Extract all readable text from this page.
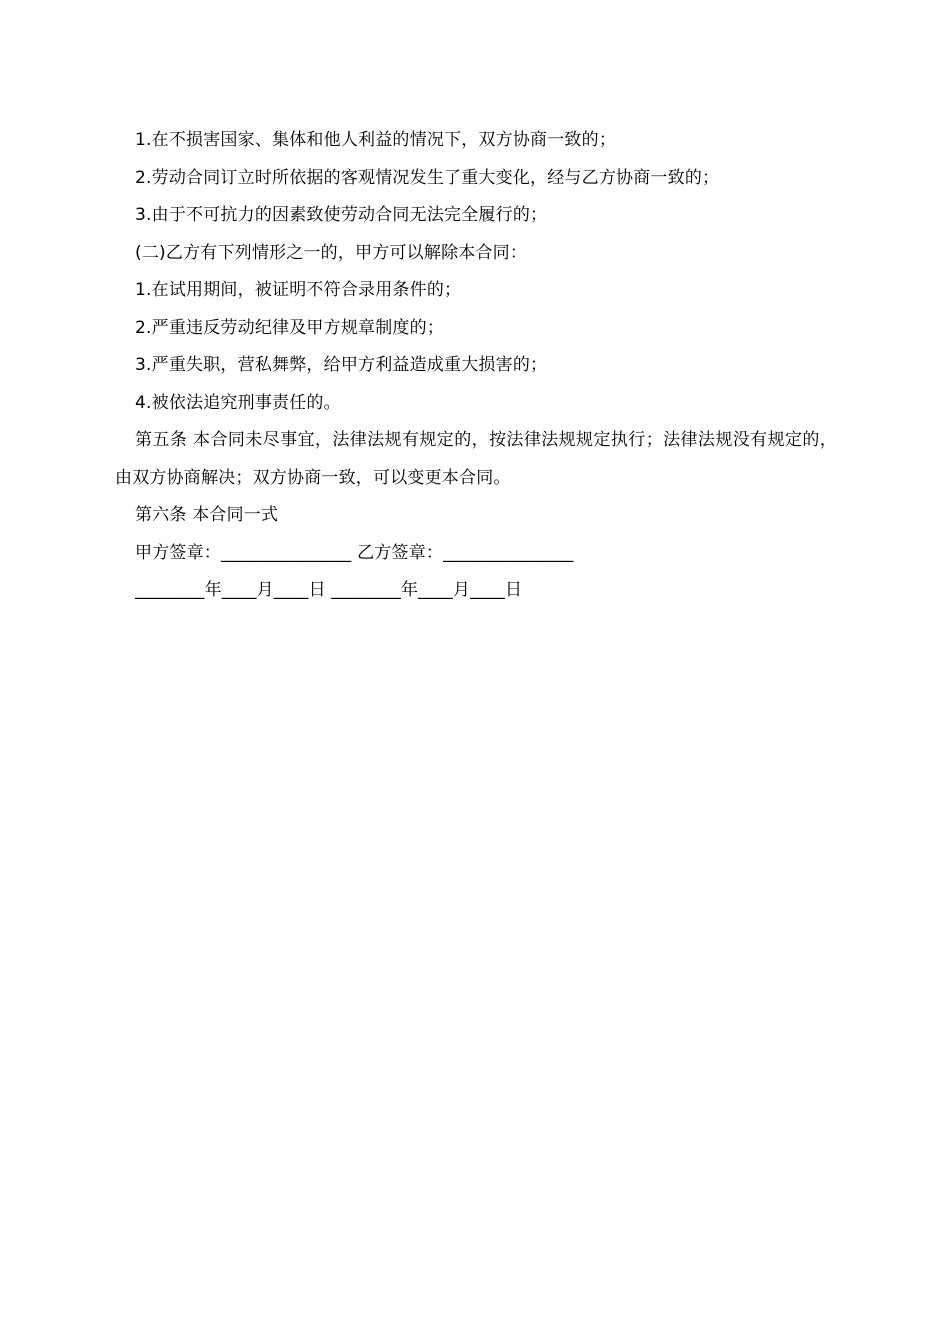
1.在不损害国家、集体和他人利益的情况下，双方协商一致的；

2.劳动合同订立时所依据的客观情况发生了重大变化，经与乙方协商一致的；

3.由于不可抗力的因素致使劳动合同无法完全履行的；

(二)乙方有下列情形之一的，甲方可以解除本合同：

1.在试用期间，被证明不符合录用条件的；

2.严重违反劳动纪律及甲方规章制度的；

3.严重失职，营私舞弊，给甲方利益造成重大损害的；

4.被依法追究刑事责任的。

第五条 本合同未尽事宜，法律法规有规定的，按法律法规规定执行；法律法规没有规定的，由双方协商解决；双方协商一致，可以变更本合同。

第六条 本合同一式

甲方签章：_______________ 乙方签章：_______________

________年____月____日 ________年____月____日
